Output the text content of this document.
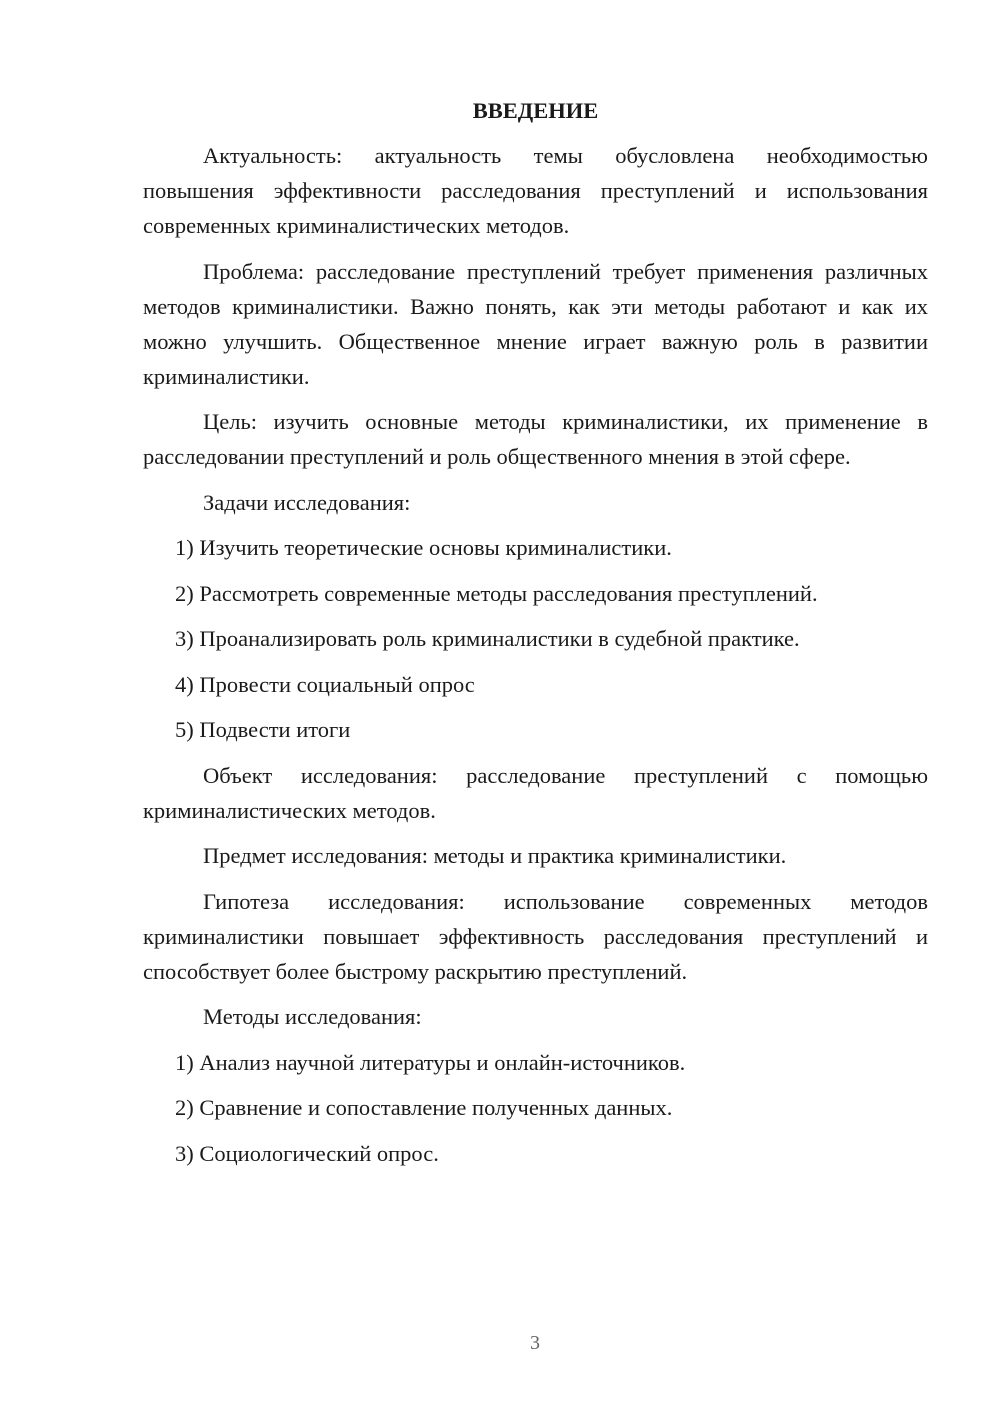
ВВЕДЕНИЕ

Актуальность: актуальность темы обусловлена необходимостью повышения эффективности расследования преступлений и использования современных криминалистических методов.

Проблема: расследование преступлений требует применения различных методов криминалистики. Важно понять, как эти методы работают и как их можно улучшить. Общественное мнение играет важную роль в развитии криминалистики.

Цель: изучить основные методы криминалистики, их применение в расследовании преступлений и роль общественного мнения в этой сфере.

Задачи исследования:

1) Изучить теоретические основы криминалистики.

2) Рассмотреть современные методы расследования преступлений.

3) Проанализировать роль криминалистики в судебной практике.

4) Провести социальный опрос

5) Подвести итоги

Объект исследования: расследование преступлений с помощью криминалистических методов.

Предмет исследования: методы и практика криминалистики.

Гипотеза исследования: использование современных методов криминалистики повышает эффективность расследования преступлений и способствует более быстрому раскрытию преступлений.

Методы исследования:

1) Анализ научной литературы и онлайн-источников.

2) Сравнение и сопоставление полученных данных.

3) Социологический опрос.

3
